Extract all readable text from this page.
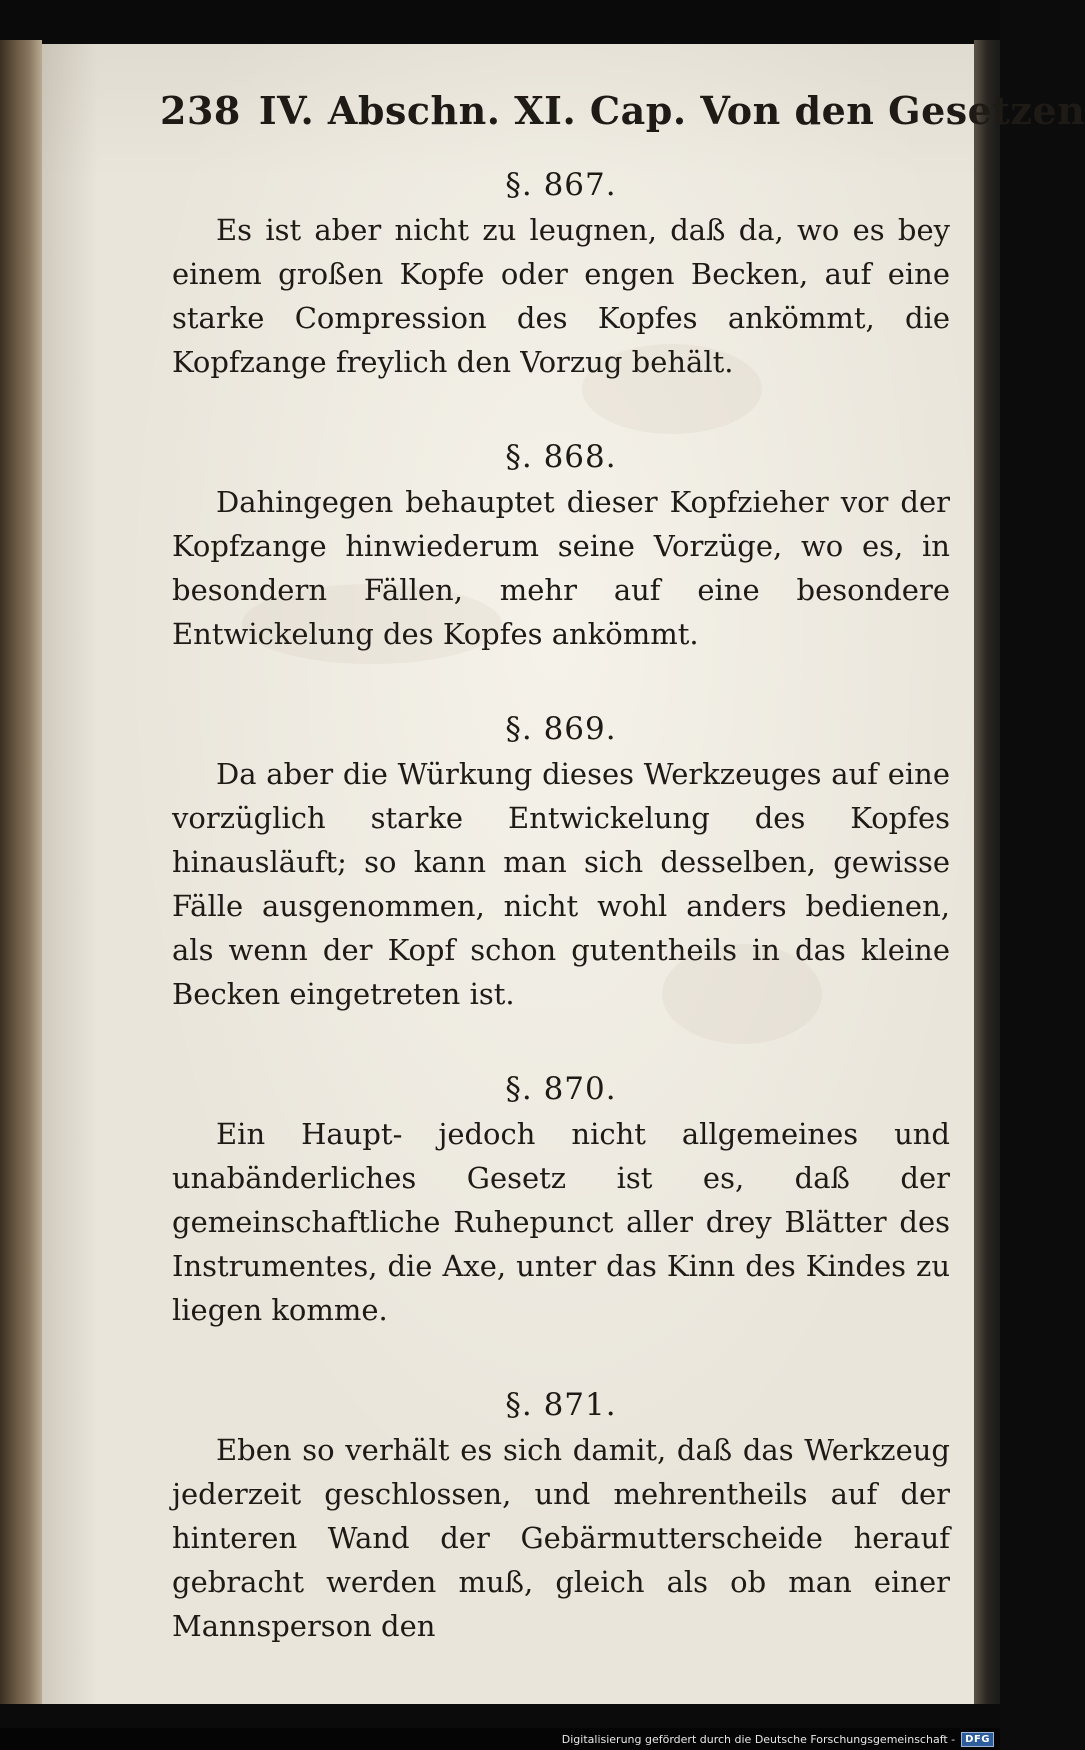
238 IV. Abschn. XI. Cap. Von den Gesetzen
§. 867.
Es ist aber nicht zu leugnen, daß da, wo es bey einem großen Kopfe oder engen Becken, auf eine starke Compression des Kopfes ankömmt, die Kopfzange freylich den Vorzug behält.
§. 868.
Dahingegen behauptet dieser Kopfzieher vor der Kopfzange hinwiederum seine Vorzüge, wo es, in besondern Fällen, mehr auf eine besondere Entwickelung des Kopfes ankömmt.
§. 869.
Da aber die Würkung dieses Werkzeuges auf eine vorzüglich starke Entwickelung des Kopfes hinausläuft; so kann man sich desselben, gewisse Fälle ausgenommen, nicht wohl anders bedienen, als wenn der Kopf schon gutentheils in das kleine Becken eingetreten ist.
§. 870.
Ein Haupt- jedoch nicht allgemeines und unabänderliches Gesetz ist es, daß der gemeinschaftliche Ruhepunct aller drey Blätter des Instrumentes, die Axe, unter das Kinn des Kindes zu liegen komme.
§. 871.
Eben so verhält es sich damit, daß das Werkzeug jederzeit geschlossen, und mehrentheils auf der hinteren Wand der Gebärmutterscheide herauf gebracht werden muß, gleich als ob man einer Mannsperson den
Digitalisierung gefördert durch die Deutsche Forschungsgemeinschaft -	DFG
